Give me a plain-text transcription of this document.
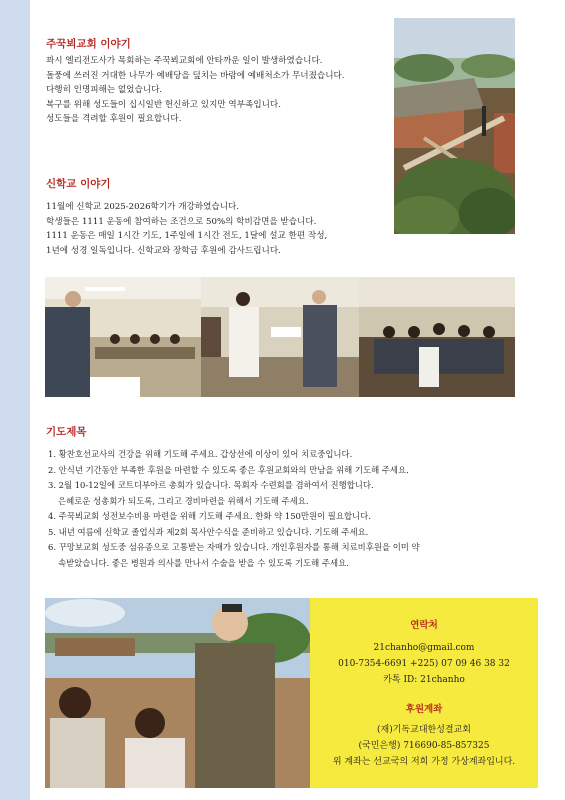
주꾹뵈교회 이야기
꽈시 엘리전도사가 목회하는 주꾹뵈교회에 안타까운 일이 발생하였습니다.
돌풍에 쓰러진 거대한 나무가 예배당을 덮치는 바람에 예배처소가 무너졌습니다.
다행히 인명피해는 없었습니다.
복구를 위해 성도들이 십시일반 헌신하고 있지만 역부족입니다.
성도들을 격려할 후원이 필요합니다.
신학교 이야기
11월에 신학교 2025-2026학기가 개강하였습니다.
학생들은 1111 운동에 참여하는 조건으로 50%의 학비감면을 받습니다.
1111 운동은 매일 1시간 기도, 1주일에 1시간 전도, 1달에 설교 한편 작성,
1년에 성경 일독입니다. 신학교와 장학금 후원에 감사드립니다.
기도제목
1. 황찬호선교사의 건강을 위해 기도해 주세요. 갑상선에 이상이 있어 치료중입니다.
2. 안식년 기간동안 부족한 후원을 마련할 수 있도록 좋은 후원교회와의 만남을 위해 기도해 주세요.
3. 2월 10-12일에 코트디부아르 총회가 있습니다. 목회자 수련회를 겸하여서 진행합니다.
은혜로운 성총회가 되도록, 그리고 경비마련을 위해서 기도해 주세요.
4. 주꾹뵈교회 성전보수비용 마련을 위해 기도해 주세요. 한화 약 150만원이 필요합니다.
5. 내년 여름에 신학교 졸업식과 제2회 목사안수식을 준비하고 있습니다. 기도해 주세요.
6. 꾸망보교회 성도중 섬유종으로 고통받는 자매가 있습니다. 개인후원자를 통해 치료비후원을 이미 약
속받았습니다. 좋은 병원과 의사를 만나서 수술을 받을 수 있도록 기도해 주세요.
연락처
21chanho@gmail.com
010-7354-6691 +225) 07 09 46 38 32
카톡 ID: 21chanho
후원계좌
(재)기독교대한성결교회
(국민은행) 716690-85-857325
위 계좌는 선교국의 저희 가정 가상계좌입니다.
